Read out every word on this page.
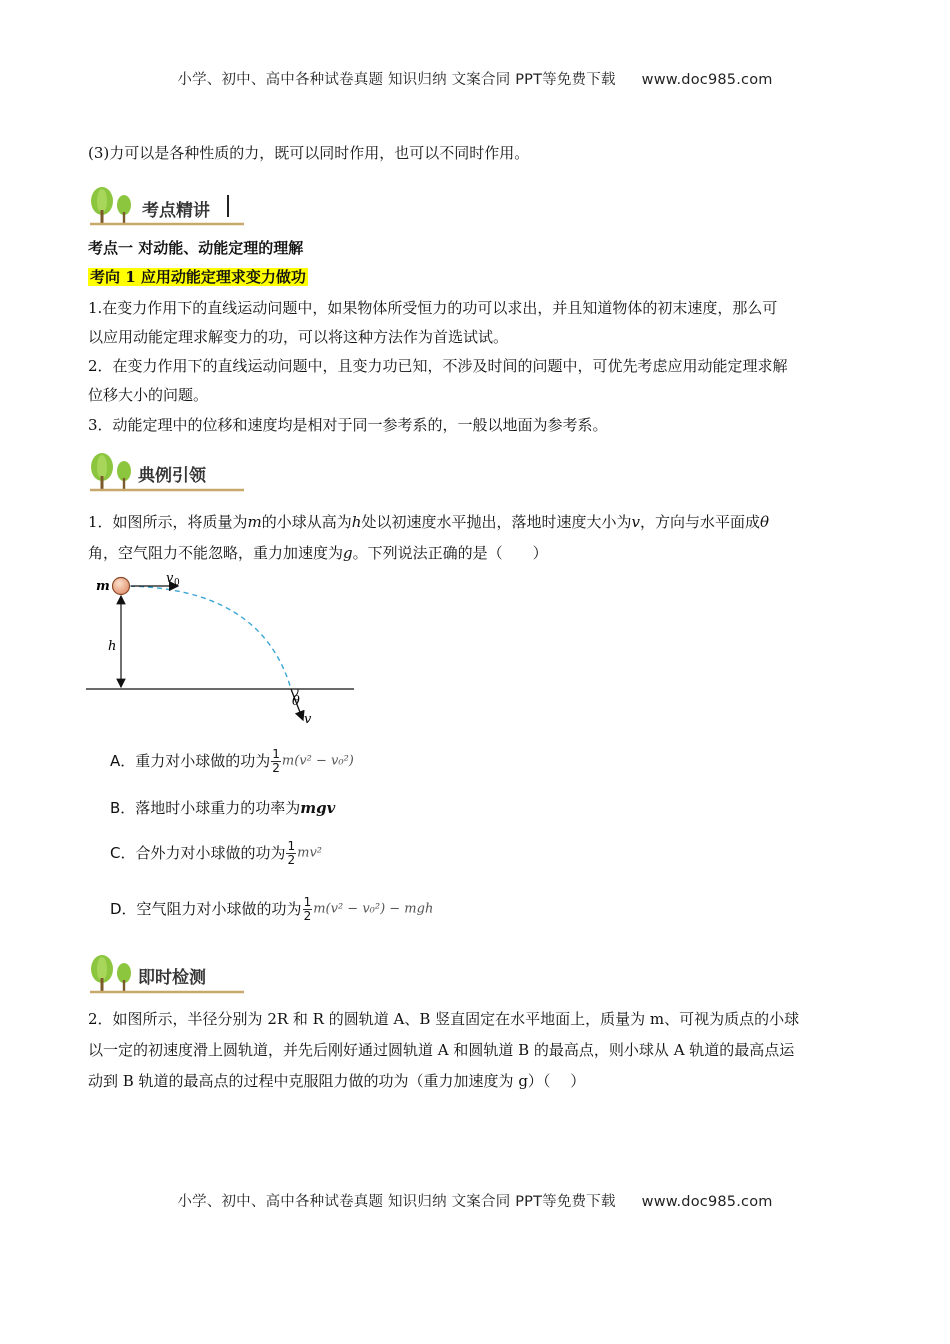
小学、初中、高中各种试卷真题 知识归纳 文案合同 PPT等免费下载 www.doc985.com
(3)力可以是各种性质的力，既可以同时作用，也可以不同时作用。
考点精讲
考点一 对动能、动能定理的理解
考向 1 应用动能定理求变力做功
1.在变力作用下的直线运动问题中，如果物体所受恒力的功可以求出，并且知道物体的初末速度，那么可
以应用动能定理求解变力的功，可以将这种方法作为首选试试。
2．在变力作用下的直线运动问题中，且变力功已知，不涉及时间的问题中，可优先考虑应用动能定理求解
位移大小的问题。
3．动能定理中的位移和速度均是相对于同一参考系的，一般以地面为参考系。
典例引领
1．如图所示，将质量为m的小球从高为h处以初速度水平抛出，落地时速度大小为v，方向与水平面成θ
角，空气阻力不能忽略，重力加速度为g。下列说法正确的是（　　）
m
v 0
h
θ
v
A．重力对小球做的功为 $\frac{1}{2} m(v^2 - v_0^2)$
B．落地时小球重力的功率为mgv
C．合外力对小球做的功为 $\frac{1}{2} mv^2$
D．空气阻力对小球做的功为 $\frac{1}{2} m(v^2 - v_0^2)$ − mgh
即时检测
2．如图所示，半径分别为 2R 和 R 的圆轨道 A、B 竖直固定在水平地面上，质量为 m、可视为质点的小球
以一定的初速度滑上圆轨道，并先后刚好通过圆轨道 A 和圆轨道 B 的最高点，则小球从 A 轨道的最高点运
动到 B 轨道的最高点的过程中克服阻力做的功为（重力加速度为 g）（　 ）
小学、初中、高中各种试卷真题 知识归纳 文案合同 PPT等免费下载 www.doc985.com
